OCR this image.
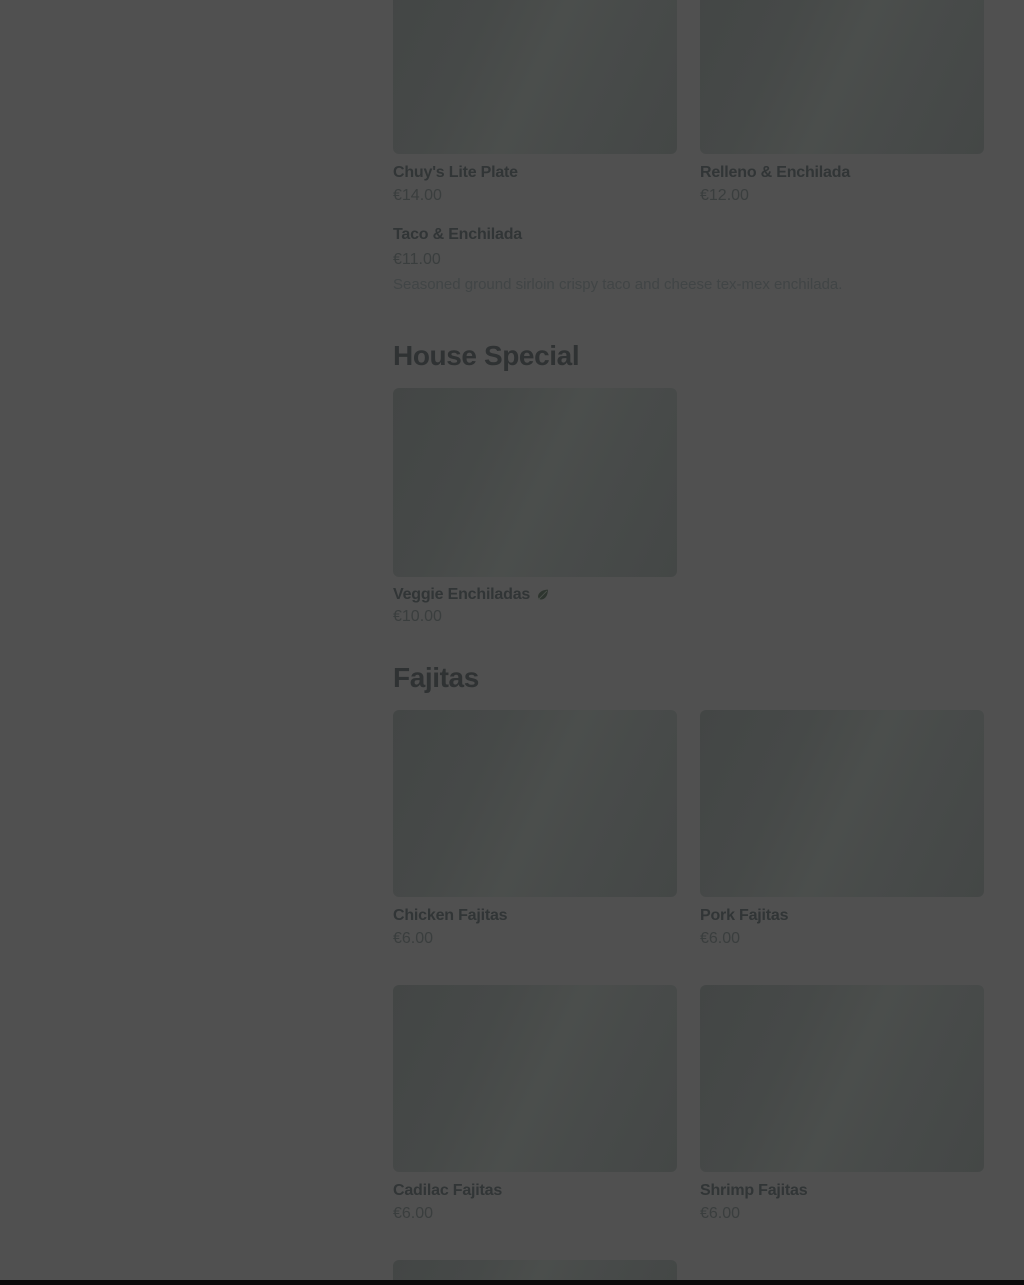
Chuy's Lite Plate
€14.00
Relleno & Enchilada
€12.00
Taco & Enchilada
€11.00
Seasoned ground sirloin crispy taco and cheese tex-mex enchilada.
House Special
Veggie Enchiladas
€10.00
Fajitas
Chicken Fajitas
€6.00
Pork Fajitas
€6.00
Cadilac Fajitas
€6.00
Shrimp Fajitas
€6.00
